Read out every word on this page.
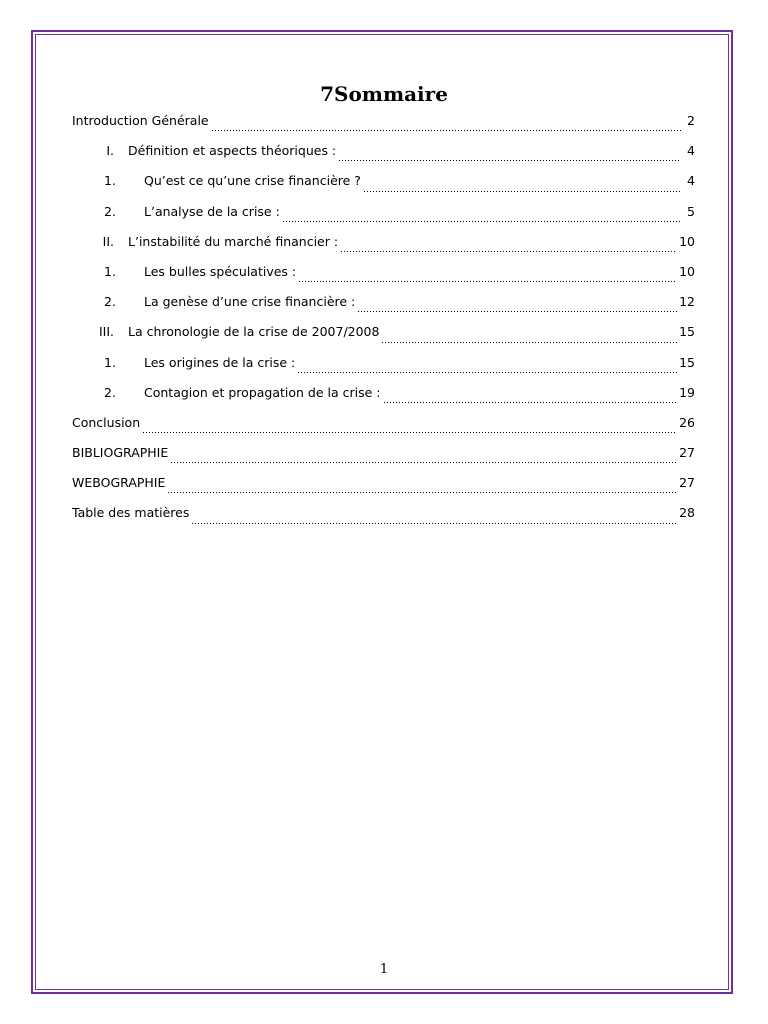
7Sommaire
Introduction Générale	2
I.	Définition et aspects théoriques :	4
1.	Qu’est ce qu’une crise financière ?	4
2.	L’analyse de la crise :	5
II.	L’instabilité du marché financier :	10
1.	Les bulles spéculatives :	10
2.	La genèse d’une crise financière :	12
III.	La chronologie de la crise de 2007/2008	15
1.	Les origines de la crise :	15
2.	Contagion et propagation de la crise :	19
Conclusion	26
BIBLIOGRAPHIE	27
WEBOGRAPHIE	27
Table des matières	28
1
